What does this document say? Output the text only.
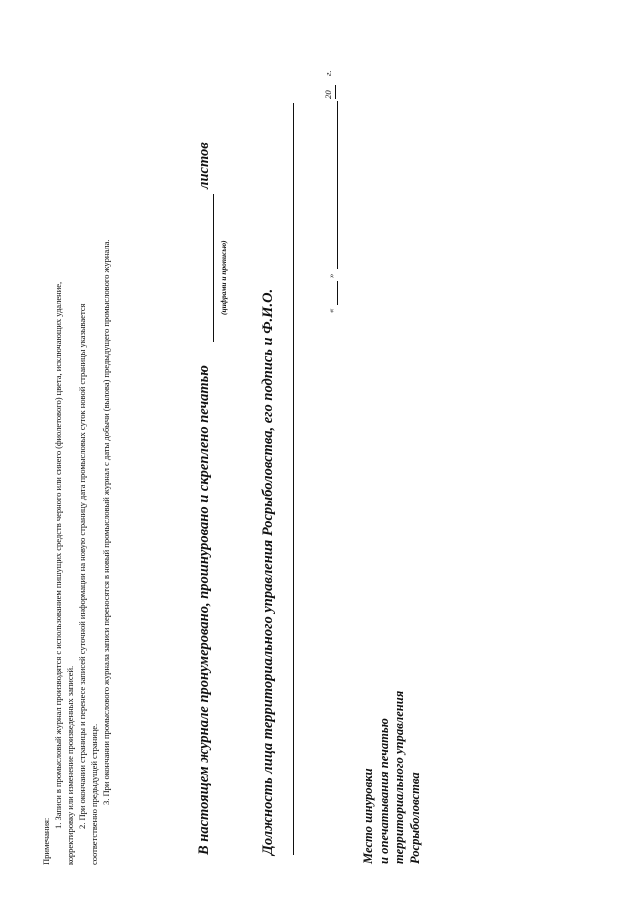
Примечания:
1. Записи в промысловый журнал производятся с использованием пишущих средств черного или синего (фиолетового) цвета, исключающих удаление, корректировку или изменение произведенных записей. 2. При окончании страницы и перенесе записей суточной информации на новую страницу дата промысловых суток новой страницы указывается соответственно предыдущей странице. 3. При окончании промыслового журнала записи переносятся в новый промысловый журнал с даты добычи (вылова) предыдущего промыслового журнала.	В настоящем журнале пронумеровано, прошнуровано и скреплено печатью
листов
(цифрами и прописью)
Должность лица территориального управления Росрыболовства, его подпись и Ф.И.О.	«
»
20
г.
Место шнуровки и опечатывания печатью территориального управления Росрыболовства
